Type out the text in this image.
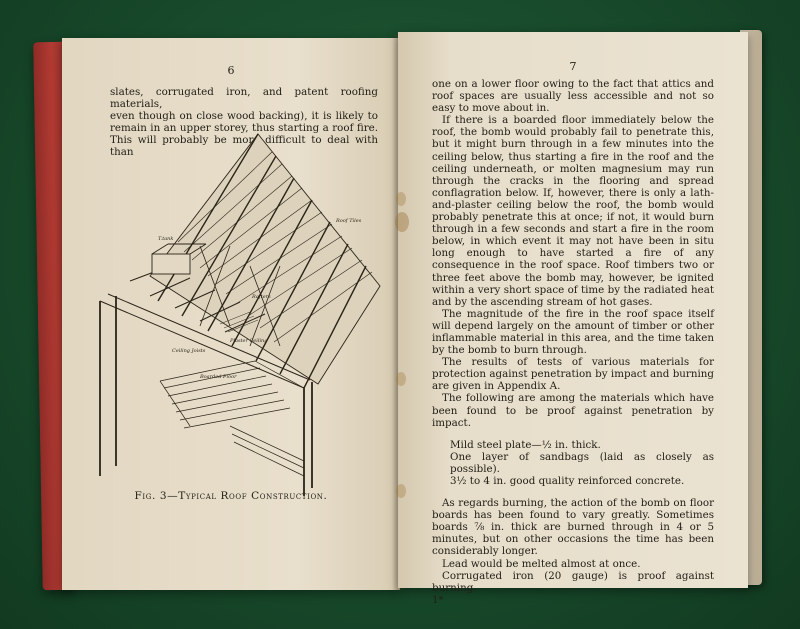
6

slates, corrugated iron, and patent roofing materials,

even though on close wood backing), it is likely to

remain in an upper storey, thus starting a roof fire.

This will probably be more difficult to deal with than

Roof Tiles
T.tank
Rafters
Ceiling Joists
Plaster Ceiling
Boarded Floor
Fig. 3—Typical Roof Construction.
7

one on a lower floor owing to the fact that attics and roof spaces are usually less accessible and not so easy to move about in.

If there is a boarded floor immediately below the roof, the bomb would probably fail to penetrate this, but it might burn through in a few minutes into the ceiling below, thus starting a fire in the roof and the ceiling underneath, or molten magnesium may run through the cracks in the flooring and spread conflagration below. If, however, there is only a lath-and-plaster ceiling below the roof, the bomb would probably penetrate this at once; if not, it would burn through in a few seconds and start a fire in the room below, in which event it may not have been in situ long enough to have started a fire of any consequence in the roof space. Roof timbers two or three feet above the bomb may, however, be ignited within a very short space of time by the radiated heat and by the ascending stream of hot gases.

The magnitude of the fire in the roof space itself will depend largely on the amount of timber or other inflammable material in this area, and the time taken by the bomb to burn through.

The results of tests of various materials for protection against penetration by impact and burning are given in Appendix A.

The following are among the materials which have been found to be proof against penetration by impact.

Mild steel plate—½ in. thick.

One layer of sandbags (laid as closely as possible).

3½ to 4 in. good quality reinforced concrete.

As regards burning, the action of the bomb on floor boards has been found to vary greatly. Sometimes boards ⅞ in. thick are burned through in 4 or 5 minutes, but on other occasions the time has been considerably longer.

Lead would be melted almost at once.

Corrugated iron (20 gauge) is proof against burning.

1*
